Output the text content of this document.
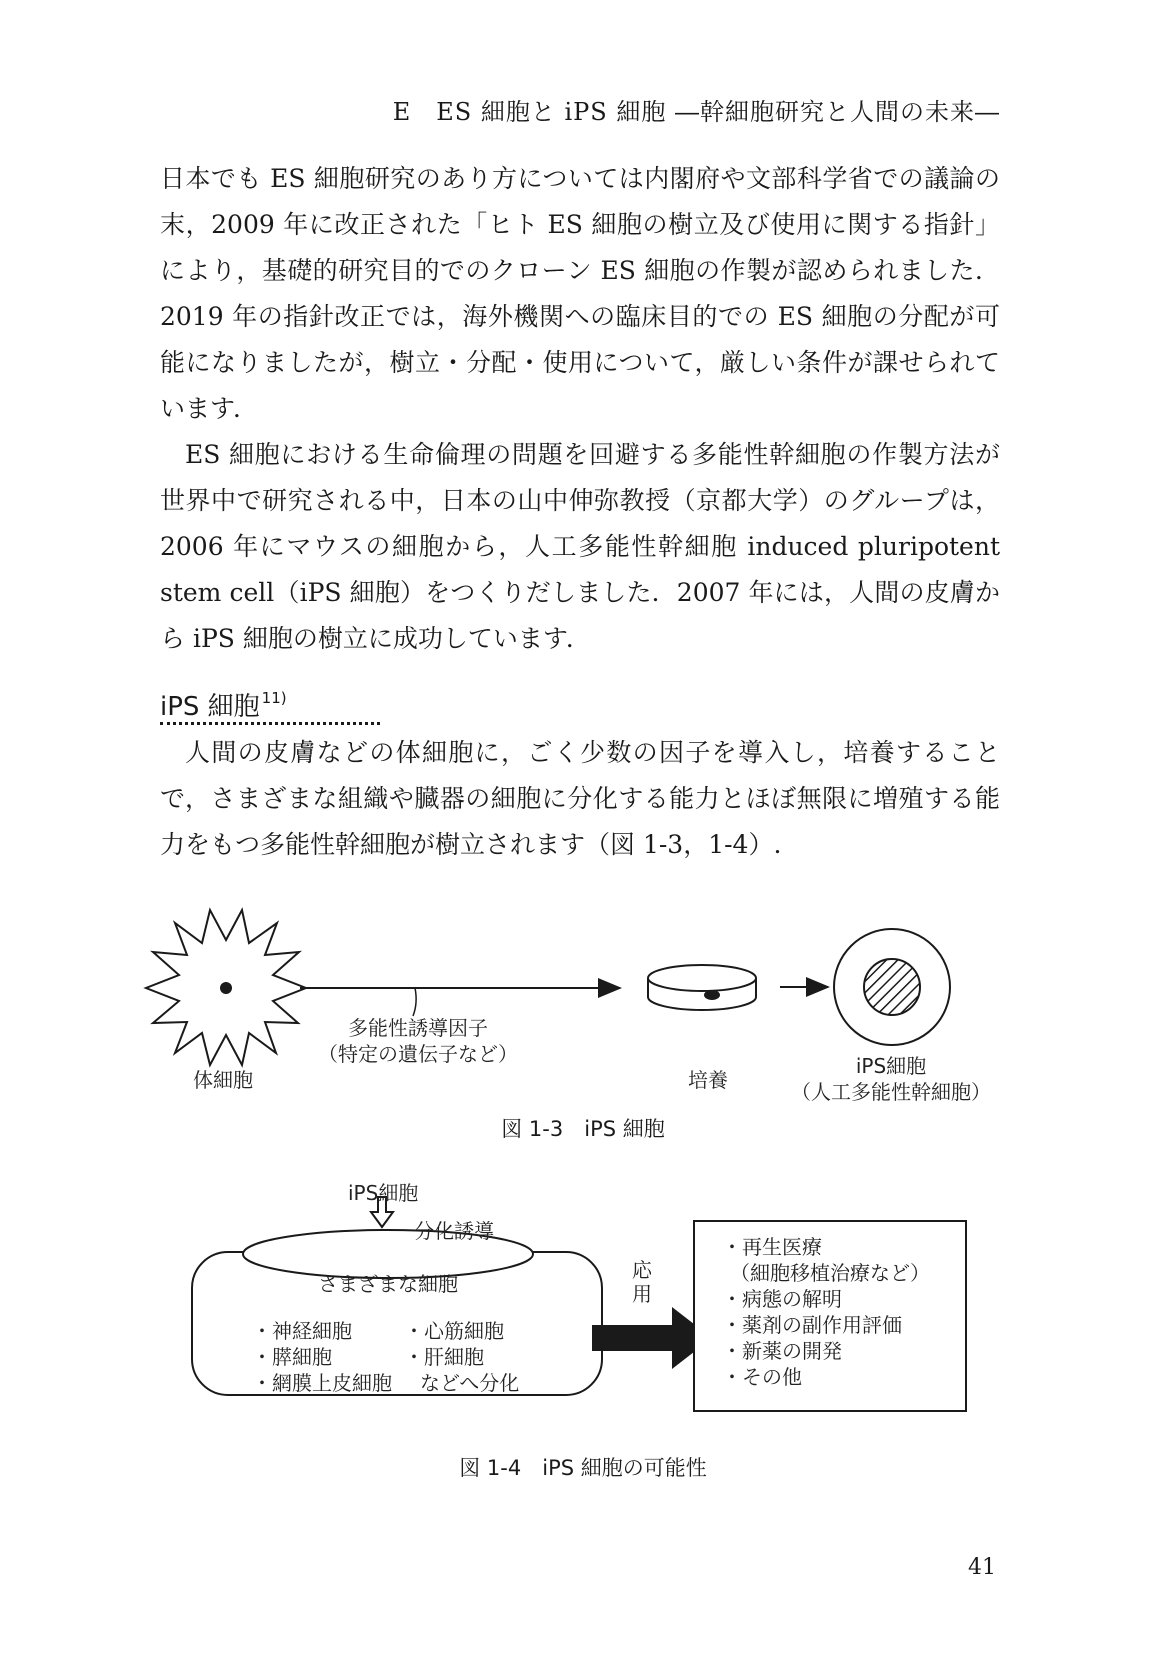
E　ES 細胞と iPS 細胞 ―幹細胞研究と人間の未来―

日本でも ES 細胞研究のあり方については内閣府や文部科学省での議論の末，2009 年に改正された「ヒト ES 細胞の樹立及び使用に関する指針」により，基礎的研究目的でのクローン ES 細胞の作製が認められました．2019 年の指針改正では，海外機関への臨床目的での ES 細胞の分配が可能になりましたが，樹立・分配・使用について，厳しい条件が課せられています．

ES 細胞における生命倫理の問題を回避する多能性幹細胞の作製方法が世界中で研究される中，日本の山中伸弥教授（京都大学）のグループは，2006 年にマウスの細胞から，人工多能性幹細胞 induced pluripotent stem cell（iPS 細胞）をつくりだしました．2007 年には，人間の皮膚から iPS 細胞の樹立に成功しています．

iPS 細胞 $^{11)}$

人間の皮膚などの体細胞に，ごく少数の因子を導入し，培養することで，さまざまな組織や臓器の細胞に分化する能力とほぼ無限に増殖する能力をもつ多能性幹細胞が樹立されます（図 1-3，1-4）.

体細胞
多能性誘導因子
（特定の遺伝子など）
培養
iPS細胞
（人工多能性幹細胞）
図 1-3　iPS 細胞
iPS細胞
分化誘導
さまざまな細胞
・神経細胞
・膵細胞
・網膜上皮細胞
・心筋細胞
・肝細胞
などへ分化
応用
・再生医療
（細胞移植治療など）
・病態の解明
・薬剤の副作用評価
・新薬の開発
・その他
図 1-4　iPS 細胞の可能性
41
